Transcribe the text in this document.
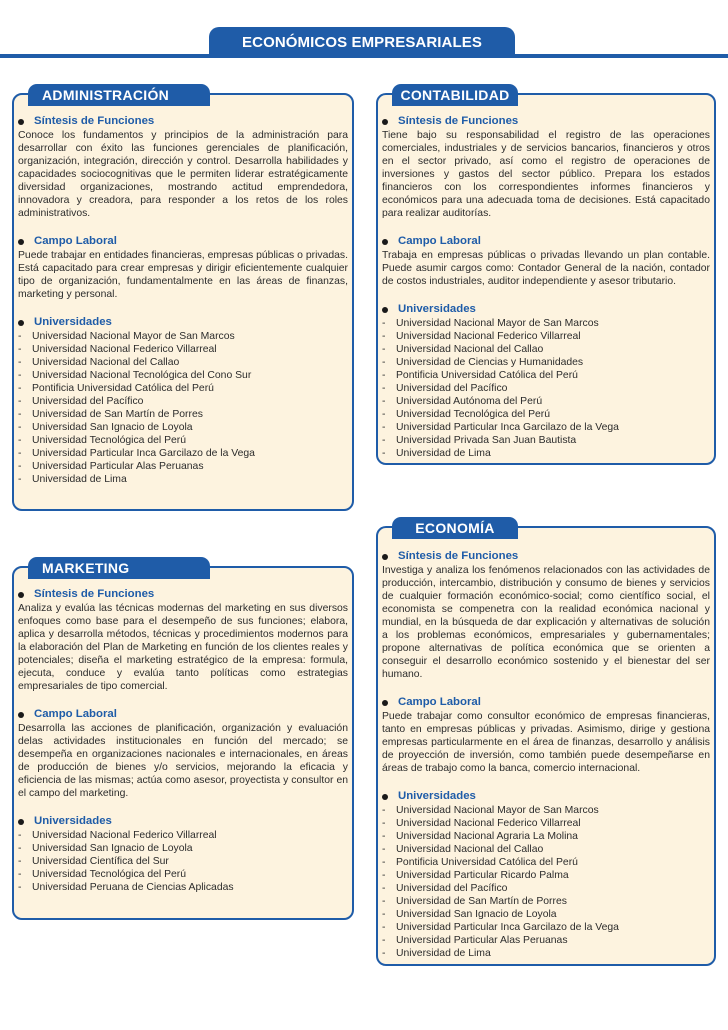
ECONÓMICOS EMPRESARIALES
ADMINISTRACIÓN
Síntesis de Funciones

Conoce los fundamentos y principios de la administración para desarrollar con éxito las funciones gerenciales de planificación, organización, integración, dirección y control. Desarrolla habilidades y capacidades sociocognitivas que le permiten liderar estratégicamente diversidad organizaciones, mostrando actitud emprendedora, innovadora y creadora, para responder a los retos de los roles administrativos.

Campo Laboral

Puede trabajar en entidades financieras, empresas públicas o privadas. Está capacitado para crear empresas y dirigir eficientemente cualquier tipo de organización, fundamentalmente en las áreas de finanzas, marketing y personal.

Universidades
-	Universidad Nacional Mayor de San Marcos
-	Universidad Nacional Federico Villarreal
-	Universidad Nacional del Callao
-	Universidad Nacional Tecnológica del Cono Sur
-	Pontificia Universidad Católica del Perú
-	Universidad del Pacífico
-	Universidad de San Martín de Porres
-	Universidad San Ignacio de Loyola
-	Universidad Tecnológica del Perú
-	Universidad Particular Inca Garcilazo de la Vega
-	Universidad Particular Alas Peruanas
-	Universidad de Lima
CONTABILIDAD
Síntesis de Funciones

Tiene bajo su responsabilidad el registro de las operaciones comerciales, industriales y de servicios bancarios, financieros y otros en el sector privado, así como el registro de operaciones de inversiones y gastos del sector público. Prepara los estados financieros con los correspondientes informes financieros y económicos para una adecuada toma de decisiones. Está capacitado para realizar auditorías.

Campo Laboral

Trabaja en empresas públicas o privadas llevando un plan contable. Puede asumir cargos como: Contador General de la nación, contador de costos industriales, auditor independiente y asesor tributario.

Universidades
-	Universidad Nacional Mayor de San Marcos
-	Universidad Nacional Federico Villarreal
-	Universidad Nacional del Callao
-	Universidad de Ciencias y Humanidades
-	Pontificia Universidad Católica del Perú
-	Universidad del Pacífico
-	Universidad Autónoma del Perú
-	Universidad Tecnológica del Perú
-	Universidad Particular Inca Garcilazo de la Vega
-	Universidad Privada San Juan Bautista
-	Universidad de Lima
MARKETING
Síntesis de Funciones

Analiza y evalúa las técnicas modernas del marketing en sus diversos enfoques como base para el desempeño de sus funciones; elabora, aplica y desarrolla métodos, técnicas y procedimientos modernos para la elaboración del Plan de Marketing en función de los clientes reales y potenciales; diseña el marketing estratégico de la empresa: formula, ejecuta, conduce y evalúa tanto políticas como estrategias empresariales de tipo comercial.

Campo Laboral

Desarrolla las acciones de planificación, organización y evaluación delas actividades institucionales en función del mercado; se desempeña en organizaciones nacionales e internacionales, en áreas de producción de bienes y/o servicios, mejorando la eficacia y eficiencia de las mismas; actúa como asesor, proyectista y consultor en el campo del marketing.

Universidades
-	Universidad Nacional Federico Villarreal
-	Universidad San Ignacio de Loyola
-	Universidad Científica del Sur
-	Universidad Tecnológica del Perú
-	Universidad Peruana de Ciencias Aplicadas
ECONOMÍA
Síntesis de Funciones

Investiga y analiza los fenómenos relacionados con las actividades de producción, intercambio, distribución y consumo de bienes y servicios de cualquier formación económico-social; como científico social, el economista se compenetra con la realidad económica nacional y mundial, en la búsqueda de dar explicación y alternativas de solución a los problemas económicos, empresariales y gubernamentales; propone alternativas de política económica que se orienten a conseguir el desarrollo económico sostenido y el bienestar del ser humano.

Campo Laboral

Puede trabajar como consultor económico de empresas financieras, tanto en empresas públicas y privadas. Asimismo, dirige y gestiona empresas particularmente en el área de finanzas, desarrollo y análisis de proyección de inversión, como también puede desempeñarse en áreas de trabajo como la banca, comercio internacional.

Universidades
-	Universidad Nacional Mayor de San Marcos
-	Universidad Nacional Federico Villarreal
-	Universidad Nacional Agraria La Molina
-	Universidad Nacional del Callao
-	Pontificia Universidad Católica del Perú
-	Universidad Particular Ricardo Palma
-	Universidad del Pacífico
-	Universidad de San Martín de Porres
-	Universidad San Ignacio de Loyola
-	Universidad Particular Inca Garcilazo de la Vega
-	Universidad Particular Alas Peruanas
-	Universidad de Lima
